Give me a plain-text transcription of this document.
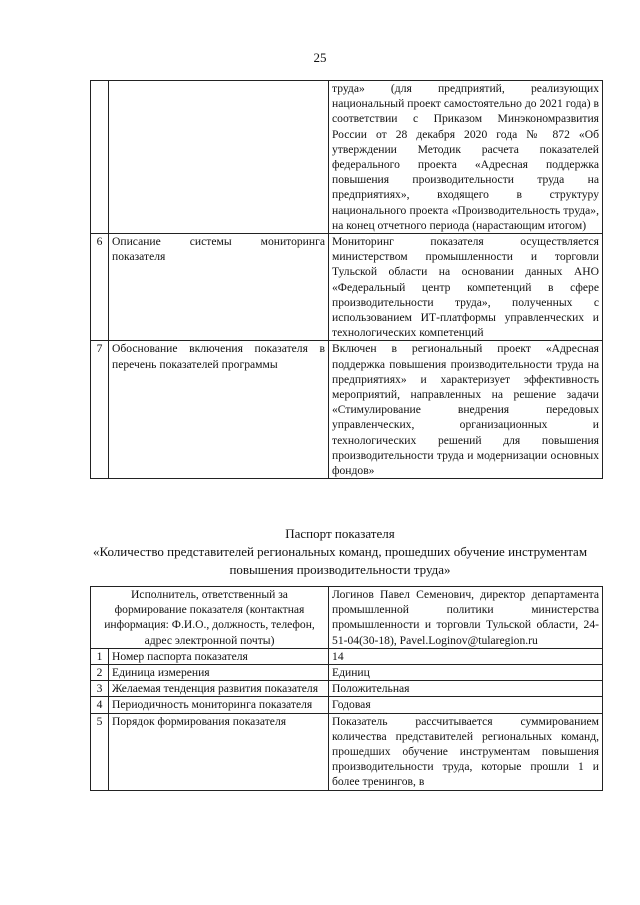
25
		труда» (для предприятий, реализующих национальный проект самостоятельно до 2021 года) в соответствии с Приказом Минэкономразвития России от 28 декабря 2020 года № 872 «Об утверждении Методик расчета показателей федерального проекта «Адресная поддержка повышения производительности труда на предприятиях», входящего в структуру национального проекта «Производительность труда», на конец отчетного периода (нарастающим итогом)
6	Описание системы мониторинга показателя	Мониторинг показателя осуществляется министерством промышленности и торговли Тульской области на основании данных АНО «Федеральный центр компетенций в сфере производительности труда», полученных с использованием ИТ-платформы управленческих и технологических компетенций
7	Обоснование включения показателя в перечень показателей программы	Включен в региональный проект «Адресная поддержка повышения производительности труда на предприятиях» и характеризует эффективность мероприятий, направленных на решение задачи «Стимулирование внедрения передовых управленческих, организационных и технологических решений для повышения производительности труда и модернизации основных фондов»
Паспорт показателя
«Количество представителей региональных команд, прошедших обучение инструментам повышения производительности труда»
Исполнитель, ответственный за формирование показателя (контактная информация: Ф.И.О., должность, телефон, адрес электронной почты)		Логинов Павел Семенович, директор департамента промышленной политики министерства промышленности и торговли Тульской области, 24-51-04(30-18), Pavel.Loginov@tularegion.ru
1	Номер паспорта показателя	14
2	Единица измерения	Единиц
3	Желаемая тенденция развития показателя	Положительная
4	Периодичность мониторинга показателя	Годовая
5	Порядок формирования показателя	Показатель рассчитывается суммированием количества представителей региональных команд, прошедших обучение инструментам повышения производительности труда, которые прошли 1 и более тренингов, в
